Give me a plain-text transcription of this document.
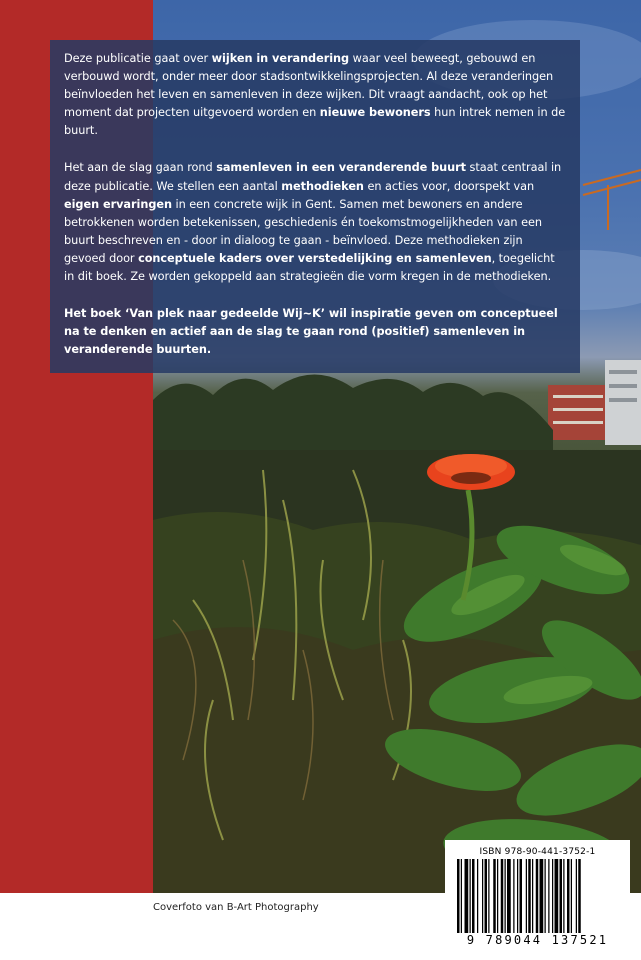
Deze publicatie gaat over wijken in verandering waar veel beweegt, gebouwd en verbouwd wordt, onder meer door stadsontwikkelingsprojecten. Al deze veranderingen beïnvloeden het leven en samenleven in deze wijken. Dit vraagt aandacht, ook op het moment dat projecten uitgevoerd worden en nieuwe bewoners hun intrek nemen in de buurt.

Het aan de slag gaan rond samenleven in een veranderende buurt staat centraal in deze publicatie. We stellen een aantal methodieken en acties voor, doorspekt van eigen ervaringen in een concrete wijk in Gent. Samen met bewoners en andere betrokkenen worden betekenissen, geschiedenis én toekomstmogelijkheden van een buurt beschreven en - door in dialoog te gaan - beïnvloed. Deze methodieken zijn gevoed door conceptuele kaders over verstedelijking en samenleven, toegelicht in dit boek. Ze worden gekoppeld aan strategieën die vorm kregen in de methodieken.

Het boek ‘Van plek naar gedeelde Wij~K’ wil inspiratie geven om conceptueel na te denken en actief aan de slag te gaan rond (positief) samenleven in veranderende buurten.

Coverfoto van B-Art Photography
ISBN 978-90-441-3752-1
9 789044 137521
